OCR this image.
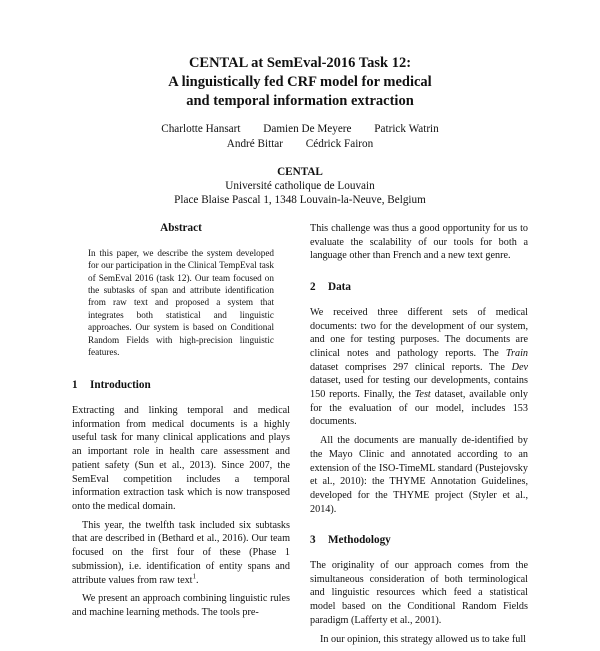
CENTAL at SemEval-2016 Task 12:
A linguistically fed CRF model for medical
and temporal information extraction
Charlotte Hansart Damien De Meyere Patrick Watrin
André Bittar Cédrick Fairon
CENTAL
Université catholique de Louvain
Place Blaise Pascal 1, 1348 Louvain-la-Neuve, Belgium
Abstract
In this paper, we describe the system developed for our participation in the Clinical TempEval task of SemEval 2016 (task 12). Our team focused on the subtasks of span and attribute identification from raw text and proposed a system that integrates both statistical and linguistic approaches. Our system is based on Conditional Random Fields with high-precision linguistic features.
1 Introduction

Extracting and linking temporal and medical information from medical documents is a highly useful task for many clinical applications and plays an important role in health care assessment and patient safety (Sun et al., 2013). Since 2007, the SemEval competition includes a temporal information extraction task which is now transposed onto the medical domain.

This year, the twelfth task included six subtasks that are described in (Bethard et al., 2016). Our team focused on the first four of these (Phase 1 submission), i.e. identification of entity spans and attribute values from raw text$^1$.

We present an approach combining linguistic rules and machine learning methods. The tools pre-

This challenge was thus a good opportunity for us to evaluate the scalability of our tools for both a language other than French and a new text genre.

2 Data

We received three different sets of medical documents: two for the development of our system, and one for testing purposes. The documents are clinical notes and pathology reports. The Train dataset comprises 297 clinical reports. The Dev dataset, used for testing our developments, contains 150 reports. Finally, the Test dataset, available only for the evaluation of our model, includes 153 documents.

All the documents are manually de-identified by the Mayo Clinic and annotated according to an extension of the ISO-TimeML standard (Pustejovsky et al., 2010): the THYME Annotation Guidelines, developed for the THYME project (Styler et al., 2014).

3 Methodology

The originality of our approach comes from the simultaneous consideration of both terminological and linguistic resources which feed a statistical model based on the Conditional Random Fields paradigm (Lafferty et al., 2001).

In our opinion, this strategy allowed us to take full
